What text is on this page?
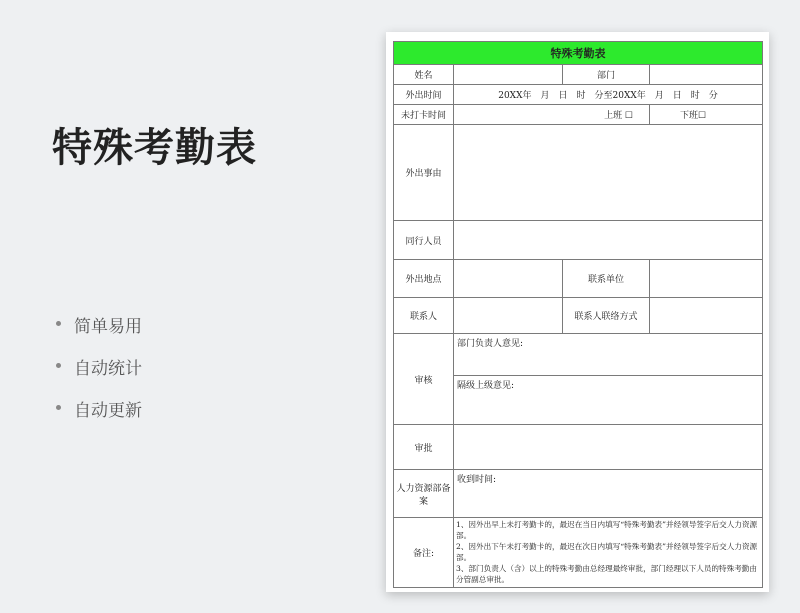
特殊考勤表
简单易用
自动统计
自动更新
特殊考勤表			
姓名		部门	
外出时间	20XX年　月　日　时　分至20XX年　月　日　时　分		
未打卡时间	上班 ☐		下班☐
外出事由			
同行人员			
外出地点		联系单位	
联系人		联系人联络方式	
审核	部门负责人意见:		
	隔级上级意见:		
审批			
人力资源部备案	收到时间:		
备注:	1、因外出早上未打考勤卡的，最迟在当日内填写“特殊考勤表”并经领导签字后交人力资源部。
2、因外出下午未打考勤卡的，最迟在次日内填写“特殊考勤表”并经领导签字后交人力资源部。
3、部门负责人（含）以上的特殊考勤由总经理最终审批，部门经理以下人员的特殊考勤由分管副总审批。		
